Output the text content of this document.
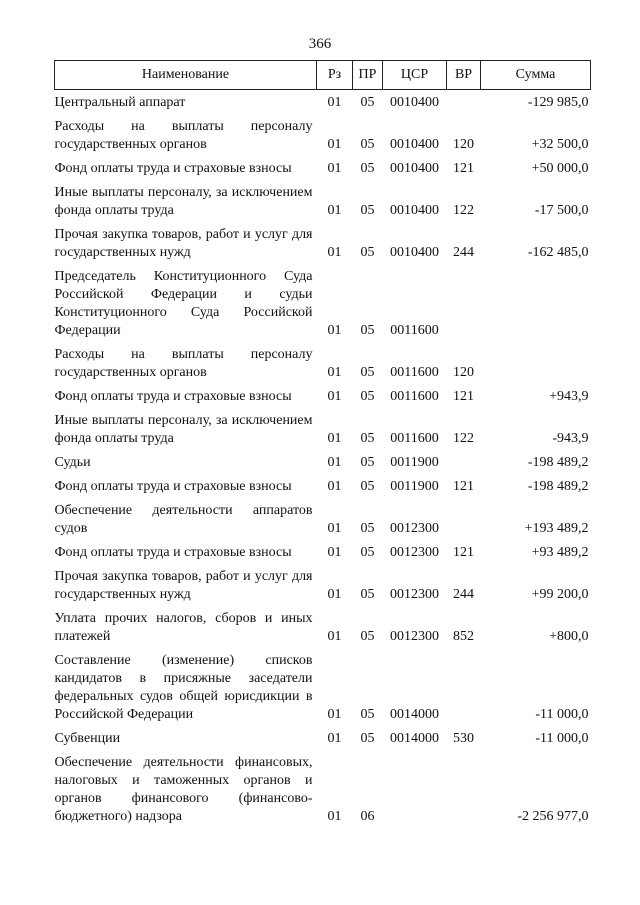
366
Наименование	Рз	ПР	ЦСР	ВР	Сумма
Центральный аппарат	01	05	0010400		-129 985,0
Расходы на выплаты персоналу государственных органов	01	05	0010400	120	+32 500,0
Фонд оплаты труда и страховые взносы	01	05	0010400	121	+50 000,0
Иные выплаты персоналу, за исключением фонда оплаты труда	01	05	0010400	122	-17 500,0
Прочая закупка товаров, работ и услуг для государственных нужд	01	05	0010400	244	-162 485,0
Председатель Конституционного Суда Российской Федерации и судьи Конституционного Суда Российской Федерации	01	05	0011600		
Расходы на выплаты персоналу государственных органов	01	05	0011600	120	
Фонд оплаты труда и страховые взносы	01	05	0011600	121	+943,9
Иные выплаты персоналу, за исключением фонда оплаты труда	01	05	0011600	122	-943,9
Судьи	01	05	0011900		-198 489,2
Фонд оплаты труда и страховые взносы	01	05	0011900	121	-198 489,2
Обеспечение деятельности аппаратов судов	01	05	0012300		+193 489,2
Фонд оплаты труда и страховые взносы	01	05	0012300	121	+93 489,2
Прочая закупка товаров, работ и услуг для государственных нужд	01	05	0012300	244	+99 200,0
Уплата прочих налогов, сборов и иных платежей	01	05	0012300	852	+800,0
Составление (изменение) списков кандидатов в присяжные заседатели федеральных судов общей юрисдикции в Российской Федерации	01	05	0014000		-11 000,0
Субвенции	01	05	0014000	530	-11 000,0
Обеспечение деятельности финансовых, налоговых и таможенных органов и органов финансового (финансово-бюджетного) надзора	01	06			-2 256 977,0
